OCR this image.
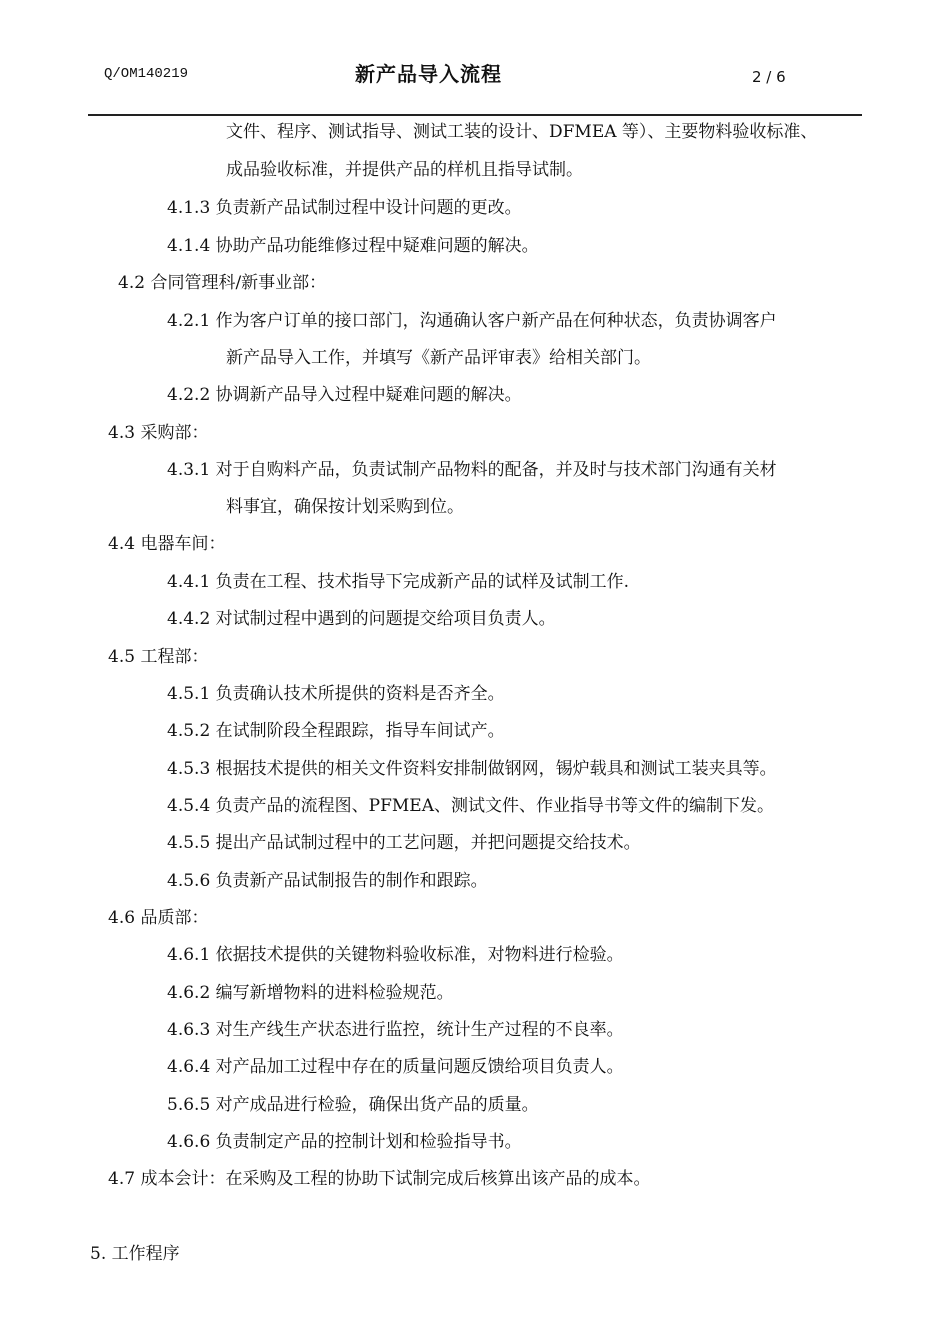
Q/OM140219	新产品导入流程	2 / 6
文件、程序、测试指导、测试工装的设计、DFMEA 等）、主要物料验收标准、
成品验收标准，并提供产品的样机且指导试制。
4.1.3 负责新产品试制过程中设计问题的更改。
4.1.4 协助产品功能维修过程中疑难问题的解决。
4.2 合同管理科/新事业部：
4.2.1 作为客户订单的接口部门，沟通确认客户新产品在何种状态，负责协调客户
新产品导入工作，并填写《新产品评审表》给相关部门。
4.2.2 协调新产品导入过程中疑难问题的解决。
4.3 采购部：
4.3.1 对于自购料产品，负责试制产品物料的配备，并及时与技术部门沟通有关材
料事宜，确保按计划采购到位。
4.4 电器车间：
4.4.1 负责在工程、技术指导下完成新产品的试样及试制工作.
4.4.2 对试制过程中遇到的问题提交给项目负责人。
4.5 工程部：
4.5.1 负责确认技术所提供的资料是否齐全。
4.5.2 在试制阶段全程跟踪，指导车间试产。
4.5.3 根据技术提供的相关文件资料安排制做钢网，锡炉载具和测试工装夹具等。
4.5.4 负责产品的流程图、PFMEA、测试文件、作业指导书等文件的编制下发。
4.5.5 提出产品试制过程中的工艺问题，并把问题提交给技术。
4.5.6 负责新产品试制报告的制作和跟踪。
4.6 品质部：
4.6.1 依据技术提供的关键物料验收标准，对物料进行检验。
4.6.2 编写新增物料的进料检验规范。
4.6.3 对生产线生产状态进行监控，统计生产过程的不良率。
4.6.4 对产品加工过程中存在的质量问题反馈给项目负责人。
5.6.5 对产成品进行检验，确保出货产品的质量。
4.6.6 负责制定产品的控制计划和检验指导书。
4.7 成本会计：在采购及工程的协助下试制完成后核算出该产品的成本。
5. 工作程序
